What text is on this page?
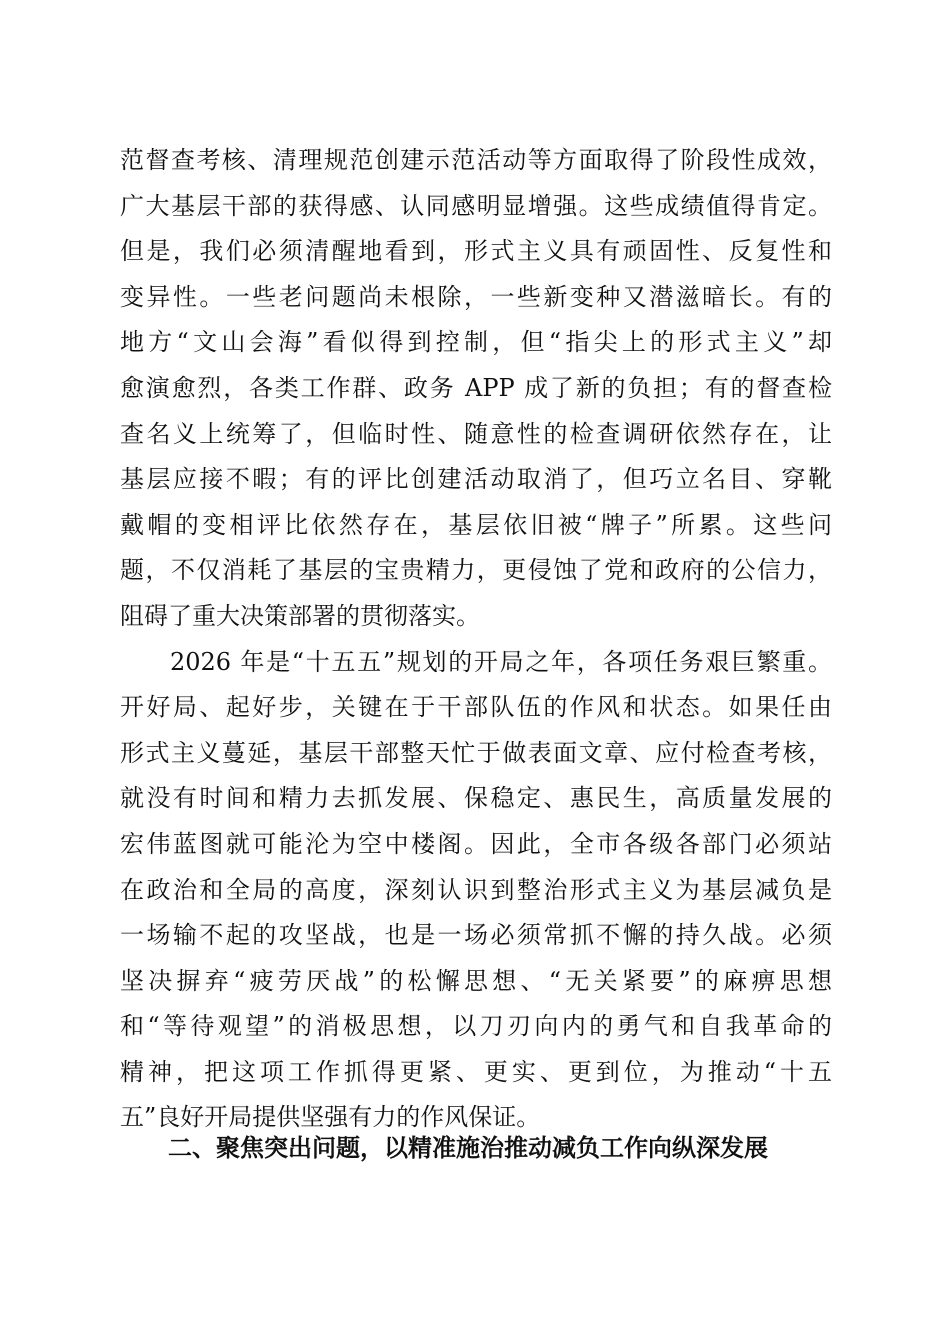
范督查考核、清理规范创建示范活动等方面取得了阶段性成效，
广大基层干部的获得感、认同感明显增强。这些成绩值得肯定。
但是，我们必须清醒地看到，形式主义具有顽固性、反复性和
变异性。一些老问题尚未根除，一些新变种又潜滋暗长。有的
地方“文山会海”看似得到控制，但“指尖上的形式主义”却
愈演愈烈，各类工作群、政务 APP 成了新的负担；有的督查检
查名义上统筹了，但临时性、随意性的检查调研依然存在，让
基层应接不暇；有的评比创建活动取消了，但巧立名目、穿靴
戴帽的变相评比依然存在，基层依旧被“牌子”所累。这些问
题，不仅消耗了基层的宝贵精力，更侵蚀了党和政府的公信力，
阻碍了重大决策部署的贯彻落实。
2026 年是“十五五”规划的开局之年，各项任务艰巨繁重。
开好局、起好步，关键在于干部队伍的作风和状态。如果任由
形式主义蔓延，基层干部整天忙于做表面文章、应付检查考核，
就没有时间和精力去抓发展、保稳定、惠民生，高质量发展的
宏伟蓝图就可能沦为空中楼阁。因此，全市各级各部门必须站
在政治和全局的高度，深刻认识到整治形式主义为基层减负是
一场输不起的攻坚战，也是一场必须常抓不懈的持久战。必须
坚决摒弃“疲劳厌战”的松懈思想、“无关紧要”的麻痹思想
和“等待观望”的消极思想，以刀刃向内的勇气和自我革命的
精神，把这项工作抓得更紧、更实、更到位，为推动“十五
五”良好开局提供坚强有力的作风保证。
二、聚焦突出问题，以精准施治推动减负工作向纵深发展
